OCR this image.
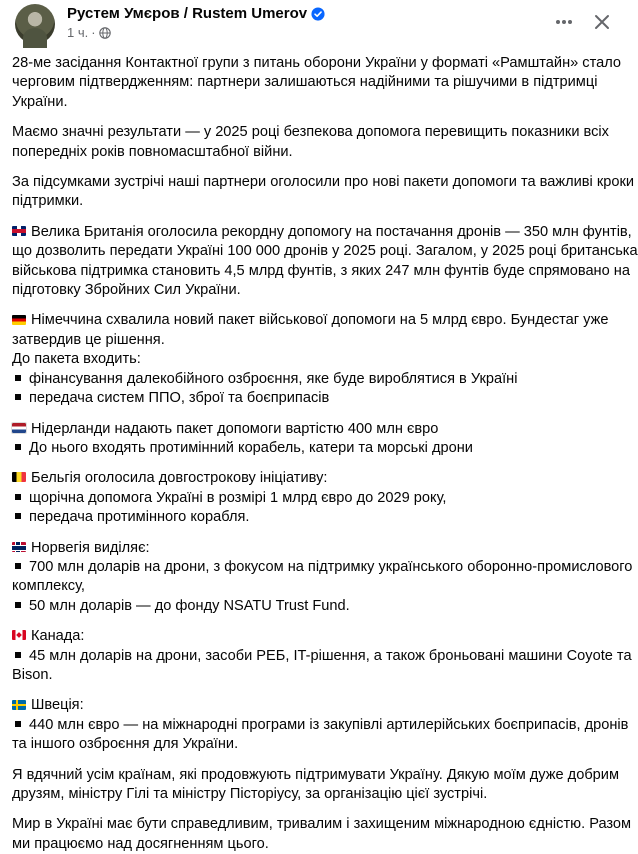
Рустем Умєров / Rustem Umerov
1 ч. ·
28-ме засідання Контактної групи з питань оборони України у форматі «Рамштайн» стало
черговим підтвердженням: партнери залишаються надійними та рішучими в підтримці
України.
Маємо значні результати — у 2025 році безпекова допомога перевищить показники всіх
попередніх років повномасштабної війни.
За підсумками зустрічі наші партнери оголосили про нові пакети допомоги та важливі кроки
підтримки.
Велика Британія оголосила рекордну допомогу на постачання дронів — 350 млн фунтів,
що дозволить передати Україні 100 000 дронів у 2025 році. Загалом, у 2025 році британська
військова підтримка становить 4,5 млрд фунтів, з яких 247 млн фунтів буде спрямовано на
підготовку Збройних Сил України.
Німеччина схвалила новий пакет військової допомоги на 5 млрд євро. Бундестаг уже
затвердив це рішення.
До пакета входить:
фінансування далекобійного озброєння, яке буде вироблятися в Україні
передача систем ППО, зброї та боєприпасів
Нідерланди надають пакет допомоги вартістю 400 млн євро
До нього входять протимінний корабель, катери та морські дрони
Бельгія оголосила довгострокову ініціативу:
щорічна допомога Україні в розмірі 1 млрд євро до 2029 року,
передача протимінного корабля.
Норвегія виділяє:
700 млн доларів на дрони, з фокусом на підтримку українського оборонно-промислового
комплексу,
50 млн доларів — до фонду NSATU Trust Fund.
Канада:
45 млн доларів на дрони, засоби РЕБ, IT-рішення, а також броньовані машини Coyote та
Bison.
Швеція:
440 млн євро — на міжнародні програми із закупівлі артилерійських боєприпасів, дронів
та іншого озброєння для України.
Я вдячний усім країнам, які продовжують підтримувати Україну. Дякую моїм дуже добрим
друзям, міністру Гілі та міністру Пісторіусу, за організацію цієї зустрічі.
Мир в Україні має бути справедливим, тривалим і захищеним міжнародною єдністю. Разом
ми працюємо над досягненням цього.
